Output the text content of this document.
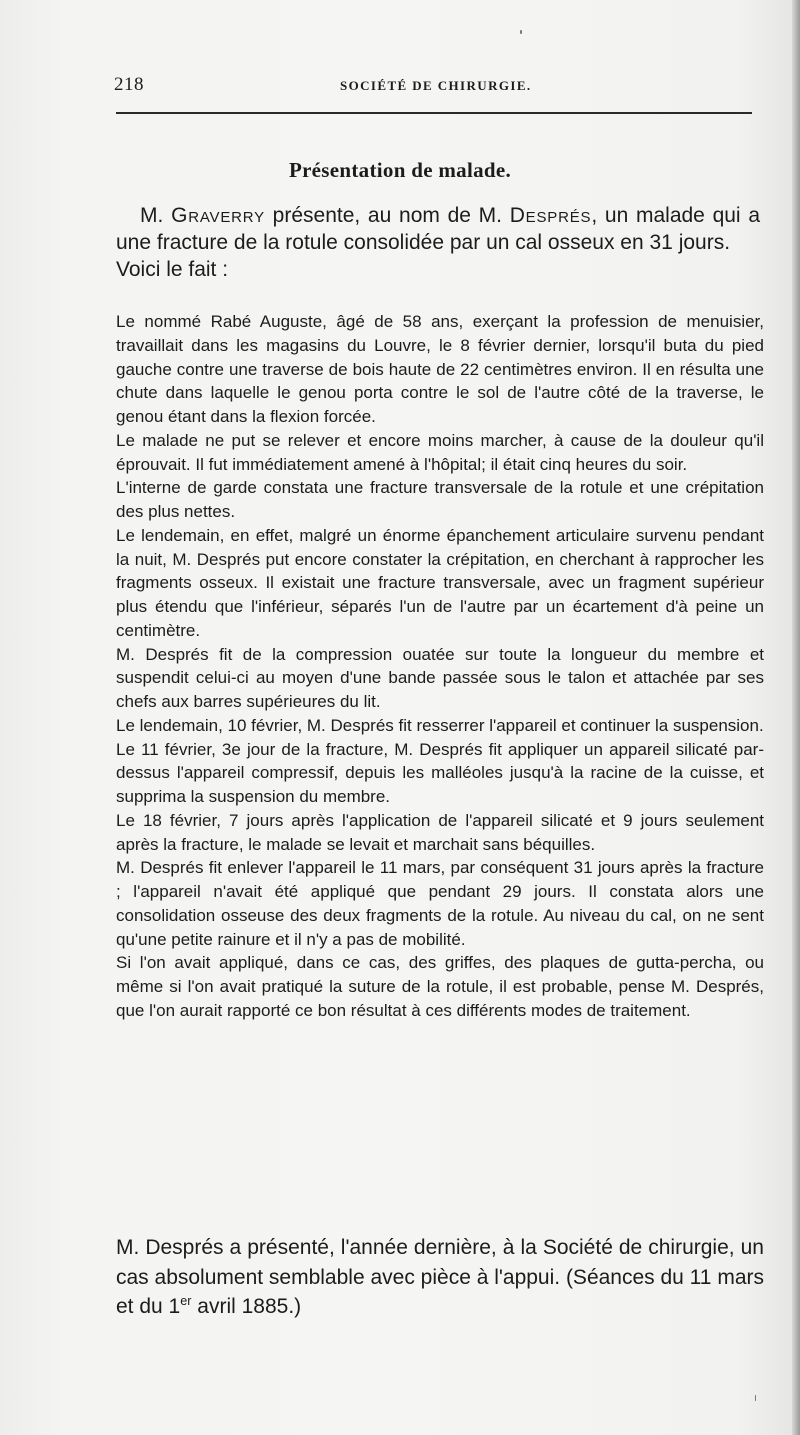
218	SOCIÉTÉ DE CHIRURGIE.
Présentation de malade.

M. Graverry présente, au nom de M. Després, un malade qui a une fracture de la rotule consolidée par un cal osseux en 31 jours.

Voici le fait :

Le nommé Rabé Auguste, âgé de 58 ans, exerçant la profession de menuisier, travaillait dans les magasins du Louvre, le 8 février dernier, lorsqu'il buta du pied gauche contre une traverse de bois haute de 22 centimètres environ. Il en résulta une chute dans laquelle le genou porta contre le sol de l'autre côté de la traverse, le genou étant dans la flexion forcée.

Le malade ne put se relever et encore moins marcher, à cause de la douleur qu'il éprouvait. Il fut immédiatement amené à l'hôpital; il était cinq heures du soir.

L'interne de garde constata une fracture transversale de la rotule et une crépitation des plus nettes.

Le lendemain, en effet, malgré un énorme épanchement articulaire survenu pendant la nuit, M. Després put encore constater la crépitation, en cherchant à rapprocher les fragments osseux. Il existait une fracture transversale, avec un fragment supérieur plus étendu que l'inférieur, séparés l'un de l'autre par un écartement d'à peine un centimètre.

M. Després fit de la compression ouatée sur toute la longueur du membre et suspendit celui-ci au moyen d'une bande passée sous le talon et attachée par ses chefs aux barres supérieures du lit.

Le lendemain, 10 février, M. Després fit resserrer l'appareil et continuer la suspension.

Le 11 février, 3e jour de la fracture, M. Després fit appliquer un appareil silicaté par-dessus l'appareil compressif, depuis les malléoles jusqu'à la racine de la cuisse, et supprima la suspension du membre.

Le 18 février, 7 jours après l'application de l'appareil silicaté et 9 jours seulement après la fracture, le malade se levait et marchait sans béquilles.

M. Després fit enlever l'appareil le 11 mars, par conséquent 31 jours après la fracture ; l'appareil n'avait été appliqué que pendant 29 jours. Il constata alors une consolidation osseuse des deux fragments de la rotule. Au niveau du cal, on ne sent qu'une petite rainure et il n'y a pas de mobilité.

Si l'on avait appliqué, dans ce cas, des griffes, des plaques de gutta-percha, ou même si l'on avait pratiqué la suture de la rotule, il est probable, pense M. Després, que l'on aurait rapporté ce bon résultat à ces différents modes de traitement.

M. Després a présenté, l'année dernière, à la Société de chirurgie, un cas absolument semblable avec pièce à l'appui. (Séances du 11 mars et du 1er avril 1885.)
